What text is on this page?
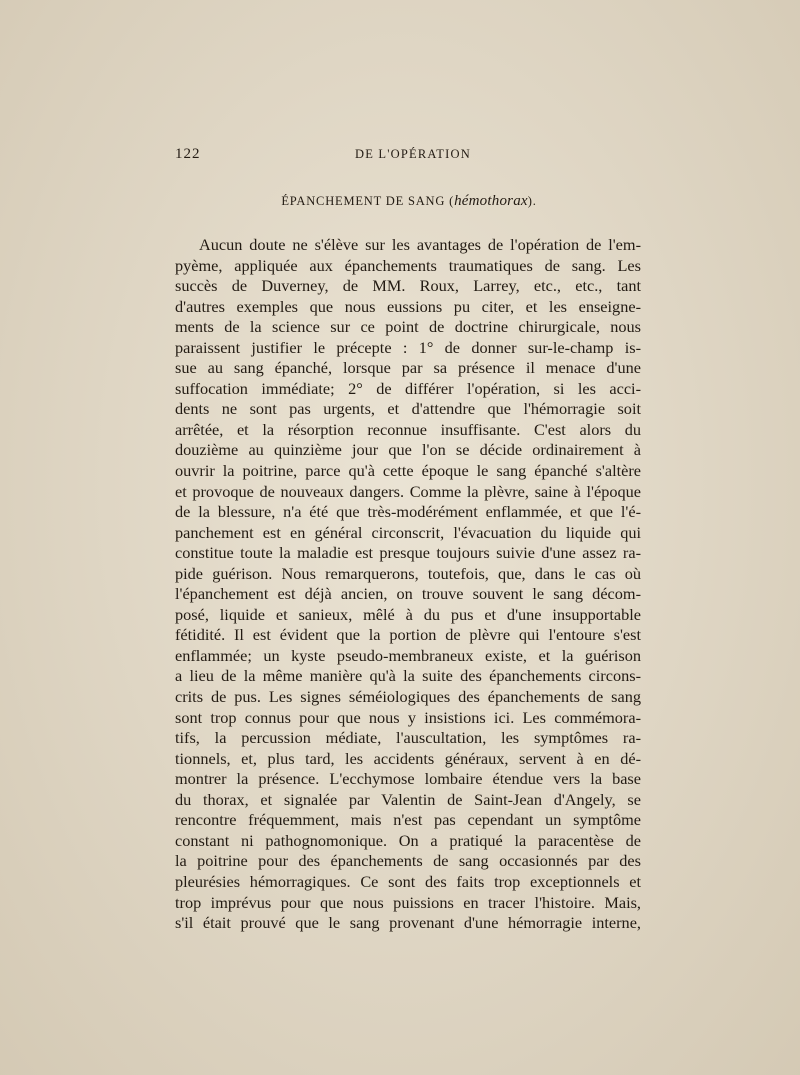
122	DE L'OPÉRATION
ÉPANCHEMENT DE SANG (hémothorax).
Aucun doute ne s'élève sur les avantages de l'opération de l'em-
pyème, appliquée aux épanchements traumatiques de sang. Les
succès de Duverney, de MM. Roux, Larrey, etc., etc., tant
d'autres exemples que nous eussions pu citer, et les enseigne-
ments de la science sur ce point de doctrine chirurgicale, nous
paraissent justifier le précepte : 1° de donner sur-le-champ is-
sue au sang épanché, lorsque par sa présence il menace d'une
suffocation immédiate; 2° de différer l'opération, si les acci-
dents ne sont pas urgents, et d'attendre que l'hémorragie soit
arrêtée, et la résorption reconnue insuffisante. C'est alors du
douzième au quinzième jour que l'on se décide ordinairement à
ouvrir la poitrine, parce qu'à cette époque le sang épanché s'altère
et provoque de nouveaux dangers. Comme la plèvre, saine à l'époque
de la blessure, n'a été que très-modérément enflammée, et que l'é-
panchement est en général circonscrit, l'évacuation du liquide qui
constitue toute la maladie est presque toujours suivie d'une assez ra-
pide guérison. Nous remarquerons, toutefois, que, dans le cas où
l'épanchement est déjà ancien, on trouve souvent le sang décom-
posé, liquide et sanieux, mêlé à du pus et d'une insupportable
fétidité. Il est évident que la portion de plèvre qui l'entoure s'est
enflammée; un kyste pseudo-membraneux existe, et la guérison
a lieu de la même manière qu'à la suite des épanchements circons-
crits de pus. Les signes séméiologiques des épanchements de sang
sont trop connus pour que nous y insistions ici. Les commémora-
tifs, la percussion médiate, l'auscultation, les symptômes ra-
tionnels, et, plus tard, les accidents généraux, servent à en dé-
montrer la présence. L'ecchymose lombaire étendue vers la base
du thorax, et signalée par Valentin de Saint-Jean d'Angely, se
rencontre fréquemment, mais n'est pas cependant un symptôme
constant ni pathognomonique. On a pratiqué la paracentèse de
la poitrine pour des épanchements de sang occasionnés par des
pleurésies hémorragiques. Ce sont des faits trop exceptionnels et
trop imprévus pour que nous puissions en tracer l'histoire. Mais,
s'il était prouvé que le sang provenant d'une hémorragie interne,
